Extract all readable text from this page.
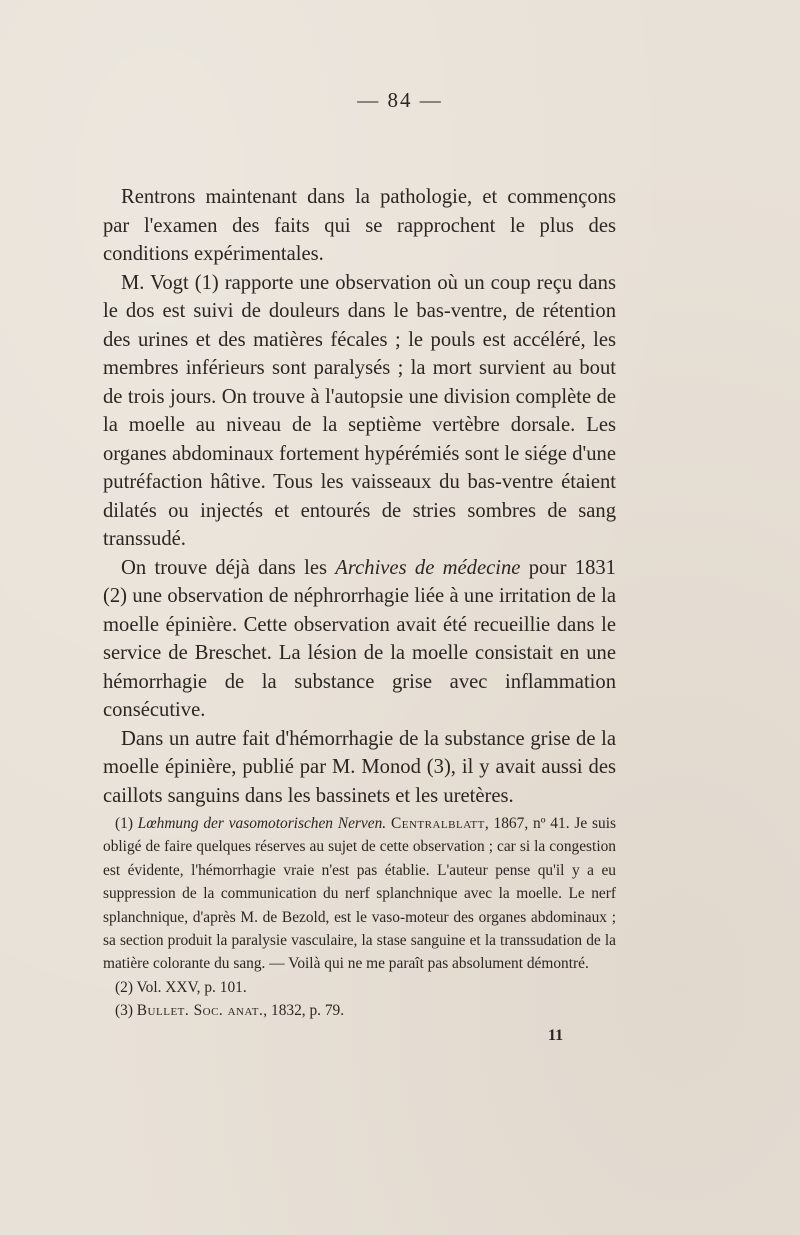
— 84 —

Rentrons maintenant dans la pathologie, et commençons par l'examen des faits qui se rapprochent le plus des conditions expérimentales.

M. Vogt (1) rapporte une observation où un coup reçu dans le dos est suivi de douleurs dans le bas-ventre, de rétention des urines et des matières fécales ; le pouls est accéléré, les membres inférieurs sont paralysés ; la mort survient au bout de trois jours. On trouve à l'autopsie une division complète de la moelle au niveau de la septième vertèbre dorsale. Les organes abdominaux fortement hypérémiés sont le siége d'une putréfaction hâtive. Tous les vaisseaux du bas-ventre étaient dilatés ou injectés et entourés de stries sombres de sang transsudé.

On trouve déjà dans les Archives de médecine pour 1831 (2) une observation de néphrorrhagie liée à une irritation de la moelle épinière. Cette observation avait été recueillie dans le service de Breschet. La lésion de la moelle consistait en une hémorrhagie de la substance grise avec inflammation consécutive.

Dans un autre fait d'hémorrhagie de la substance grise de la moelle épinière, publié par M. Monod (3), il y avait aussi des caillots sanguins dans les bassinets et les uretères.

(1) Lœhmung der vasomotorischen Nerven. Centralblatt, 1867, nº 41. Je suis obligé de faire quelques réserves au sujet de cette observation ; car si la congestion est évidente, l'hémorrhagie vraie n'est pas établie. L'auteur pense qu'il y a eu suppression de la communication du nerf splanchnique avec la moelle. Le nerf splanchnique, d'après M. de Bezold, est le vaso-moteur des organes abdominaux ; sa section produit la paralysie vasculaire, la stase sanguine et la transsudation de la matière colorante du sang. — Voilà qui ne me paraît pas absolument démontré.

(2) Vol. XXV, p. 101.

(3) Bullet. Soc. anat., 1832, p. 79.

11
